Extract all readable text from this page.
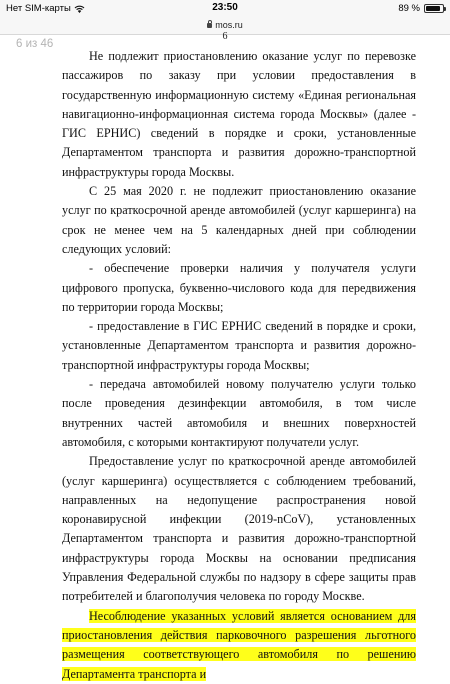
Нет SIM-карты	23:50	89 %
mos.ru
6 из 46
6

Не подлежит приостановлению оказание услуг по перевозке пассажиров по заказу при условии предоставления в государственную информационную систему «Единая региональная навигационно-информационная система города Москвы» (далее - ГИС ЕРНИС) сведений в порядке и сроки, установленные Департаментом транспорта и развития дорожно-транспортной инфраструктуры города Москвы.

С 25 мая 2020 г. не подлежит приостановлению оказание услуг по краткосрочной аренде автомобилей (услуг каршеринга) на срок не менее чем на 5 календарных дней при соблюдении следующих условий:

- обеспечение проверки наличия у получателя услуги цифрового пропуска, буквенно-числового кода для передвижения по территории города Москвы;

- предоставление в ГИС ЕРНИС сведений в порядке и сроки, установленные Департаментом транспорта и развития дорожно-транспортной инфраструктуры города Москвы;

- передача автомобилей новому получателю услуги только после проведения дезинфекции автомобиля, в том числе внутренних частей автомобиля и внешних поверхностей автомобиля, с которыми контактируют получатели услуг.

Предоставление услуг по краткосрочной аренде автомобилей (услуг каршеринга) осуществляется с соблюдением требований, направленных на недопущение распространения новой коронавирусной инфекции (2019-nCoV), установленных Департаментом транспорта и развития дорожно-транспортной инфраструктуры города Москвы на основании предписания Управления Федеральной службы по надзору в сфере защиты прав потребителей и благополучия человека по городу Москве.

Несоблюдение указанных условий является основанием для приостановления действия парковочного разрешения льготного размещения соответствующего автомобиля по решению Департамента транспорта и
